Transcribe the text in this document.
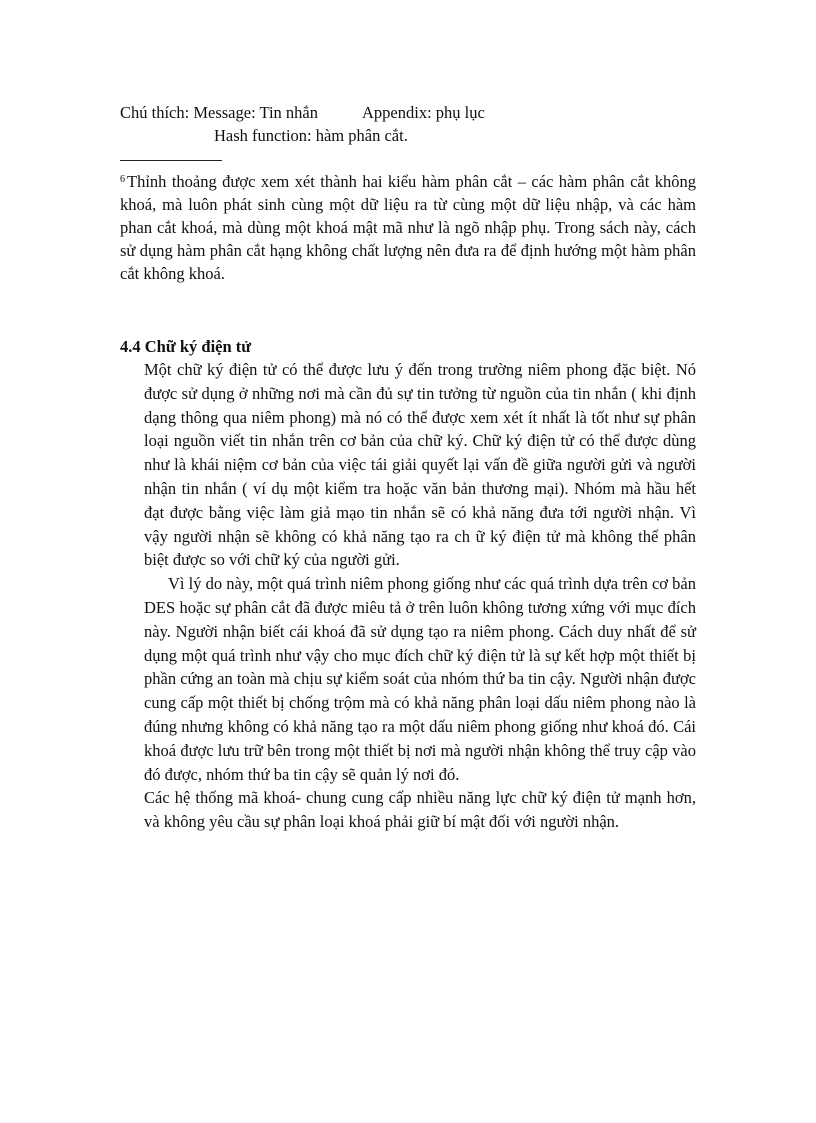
Chú thích: Message: Tin nhắn	Appendix: phụ lục
Hash function: hàm phân cắt.
$^6$ Thỉnh thoảng được xem xét thành hai kiểu hàm phân cắt – các hàm phân cắt không khoá, mà luôn phát sinh cùng một dữ liệu ra từ cùng một dữ liệu nhập, và các hàm phan cắt khoá, mà dùng một khoá mật mã như là ngõ nhập phụ. Trong sách này, cách sử dụng hàm phân cắt hạng không chất lượng nên đưa ra để định hướng một hàm phân cắt không khoá.
4.4 Chữ ký điện tử

Một chữ ký điện tử có thể được lưu ý đến trong trường niêm phong đặc biệt. Nó được sử dụng ở những nơi mà cần đủ sự tin tưởng từ nguồn của tin nhắn ( khi định dạng thông qua niêm phong) mà nó có thể được xem xét ít nhất là tốt như sự phân loại nguồn viết tin nhắn trên cơ bản của chữ ký. Chữ ký điện tử có thể được dùng như là khái niệm cơ bản của việc tái giải quyết lại vấn đề giữa người gửi và người nhận tin nhắn ( ví dụ một kiểm tra hoặc văn bản thương mại). Nhóm mà hầu hết đạt được bằng việc làm giả mạo tin nhắn sẽ có khả năng đưa tới người nhận. Vì vậy người nhận sẽ không có khả năng tạo ra ch ữ ký điện tử mà không thể phân biệt được so với chữ ký của người gửi.

Vì lý do này, một quá trình niêm phong giống như các quá trình dựa trên cơ bản DES hoặc sự phân cắt đã được miêu tả ở trên luôn không tương xứng với mục đích này. Người nhận biết cái khoá đã sử dụng tạo ra niêm phong. Cách duy nhất để sử dụng một quá trình như vậy cho mục đích chữ ký điện tử là sự kết hợp một thiết bị phần cứng an toàn mà chịu sự kiểm soát của nhóm thứ ba tin cậy. Người nhận được cung cấp một thiết bị chống trộm mà có khả năng phân loại dấu niêm phong nào là đúng nhưng không có khả năng tạo ra một dấu niêm phong giống như khoá đó. Cái khoá được lưu trữ bên trong một thiết bị nơi mà người nhận không thể truy cập vào đó được, nhóm thứ ba tin cậy sẽ quản lý nơi đó.

Các hệ thống mã khoá- chung cung cấp nhiều năng lực chữ ký điện tử mạnh hơn, và không yêu cầu sự phân loại khoá phải giữ bí mật đối với người nhận.
